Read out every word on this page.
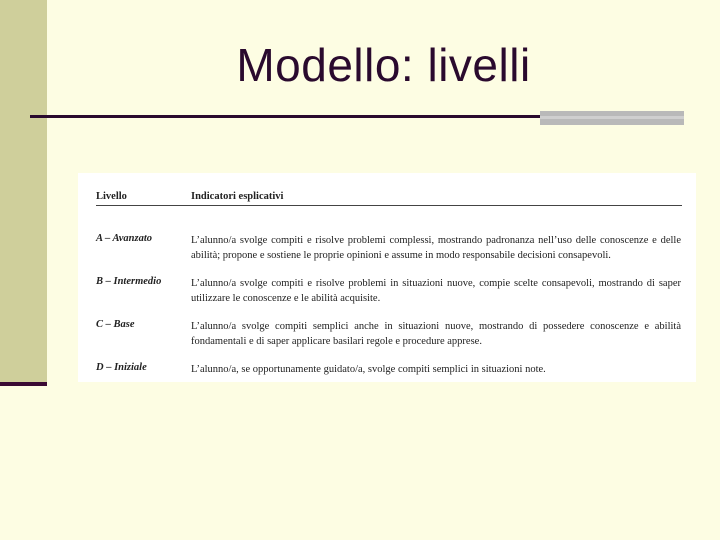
Modello: livelli
Livello	Indicatori esplicativi
A – Avanzato	L’alunno/a svolge compiti e risolve problemi complessi, mostrando padronanza nell’uso delle conoscenze e delle abilità; propone e sostiene le proprie opinioni e assume in modo responsabile decisioni consapevoli.
B – Intermedio	L’alunno/a svolge compiti e risolve problemi in situazioni nuove, compie scelte consapevoli, mostrando di saper utilizzare le conoscenze e le abilità acquisite.
C – Base	L’alunno/a svolge compiti semplici anche in situazioni nuove, mostrando di possedere conoscenze e abilità fondamentali e di saper applicare basilari regole e procedure apprese.
D – Iniziale	L’alunno/a, se opportunamente guidato/a, svolge compiti semplici in situazioni note.
